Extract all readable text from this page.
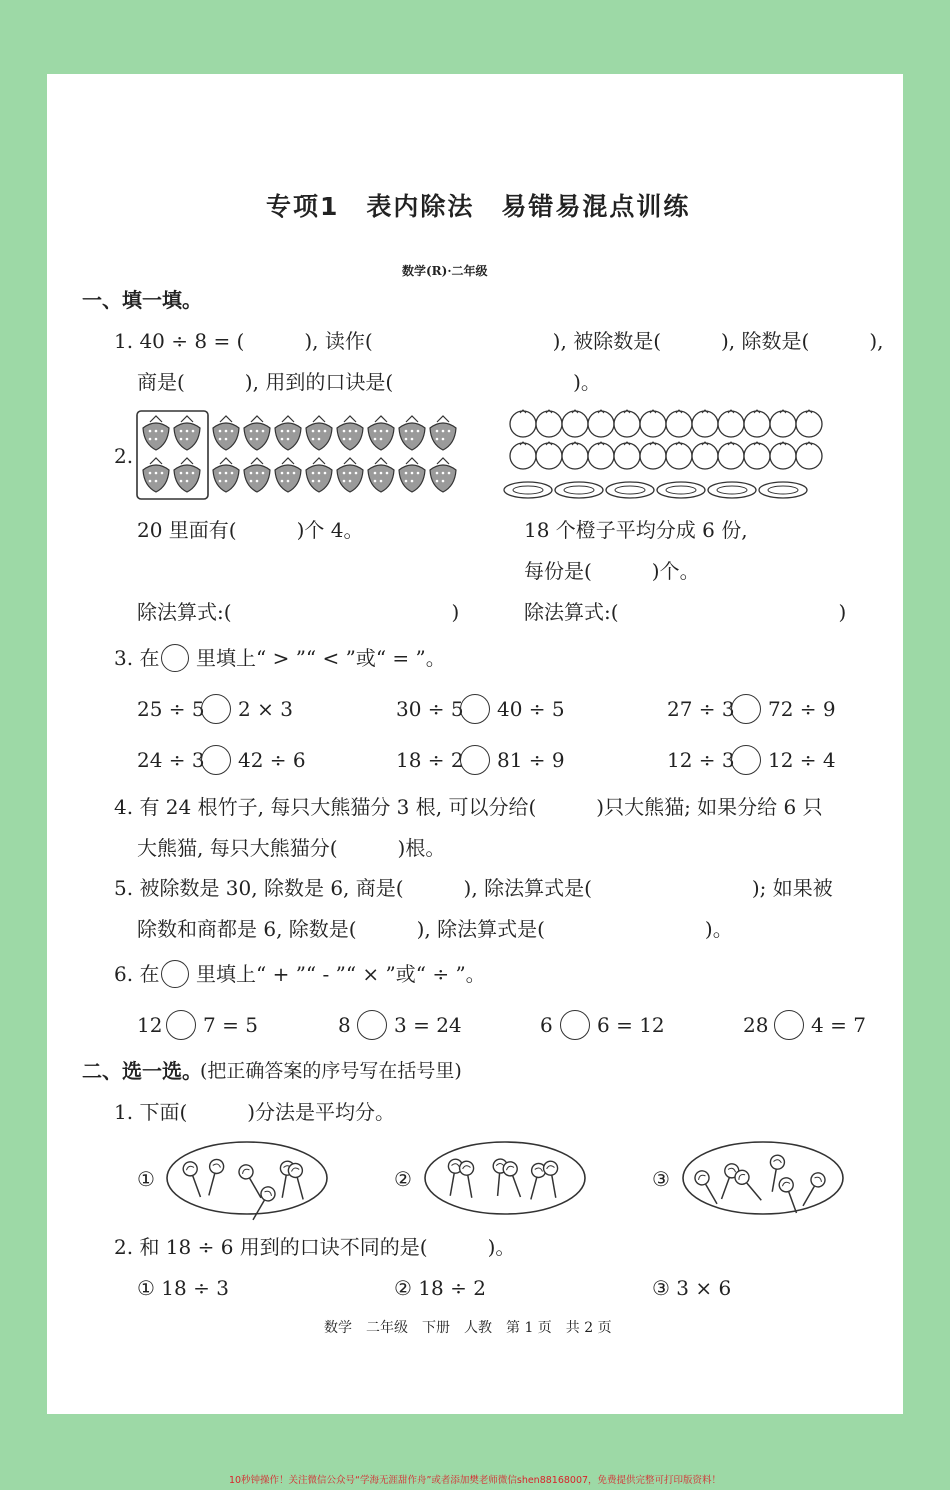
专项1　表内除法　易错易混点训练
数学(R)·二年级
一、填一填。
1. 40 ÷ 8 = (　　　), 读作(　　　　　　　　　), 被除数是(　　　), 除数是(　　　),
商是(　　　), 用到的口诀是(　　　　　　　　　)。
2.
20 里面有(　　　)个 4。	18 个橙子平均分成 6 份,
每份是(　　　)个。
除法算式:(　　　　　　　　　　　)	除法算式:(　　　　　　　　　　　)
3. 在 里填上“ > ”“ < ”或“ = ”。
25 ÷ 5 2 × 3	30 ÷ 5 40 ÷ 5	27 ÷ 3 72 ÷ 9
24 ÷ 3 42 ÷ 6	18 ÷ 2 81 ÷ 9	12 ÷ 3 12 ÷ 4
4. 有 24 根竹子, 每只大熊猫分 3 根, 可以分给(　　　)只大熊猫; 如果分给 6 只
大熊猫, 每只大熊猫分(　　　)根。
5. 被除数是 30, 除数是 6, 商是(　　　), 除法算式是(　　　　　　　　); 如果被
除数和商都是 6, 除数是(　　　), 除法算式是(　　　　　　　　)。
6. 在 里填上“ + ”“ - ”“ × ”或“ ÷ ”。
12 7 = 5	8 3 = 24	6 6 = 12	28 4 = 7
二、选一选。
(把正确答案的序号写在括号里)
1. 下面(　　　)分法是平均分。
①	②	③
2. 和 18 ÷ 6 用到的口诀不同的是(　　　)。
① 18 ÷ 3	② 18 ÷ 2	③ 3 × 6
数学　二年级　下册　人教　第 1 页　共 2 页
10秒钟操作！关注微信公众号“学海无涯甜作舟”或者添加樊老师微信shen88168007，免费提供完整可打印版资料！
